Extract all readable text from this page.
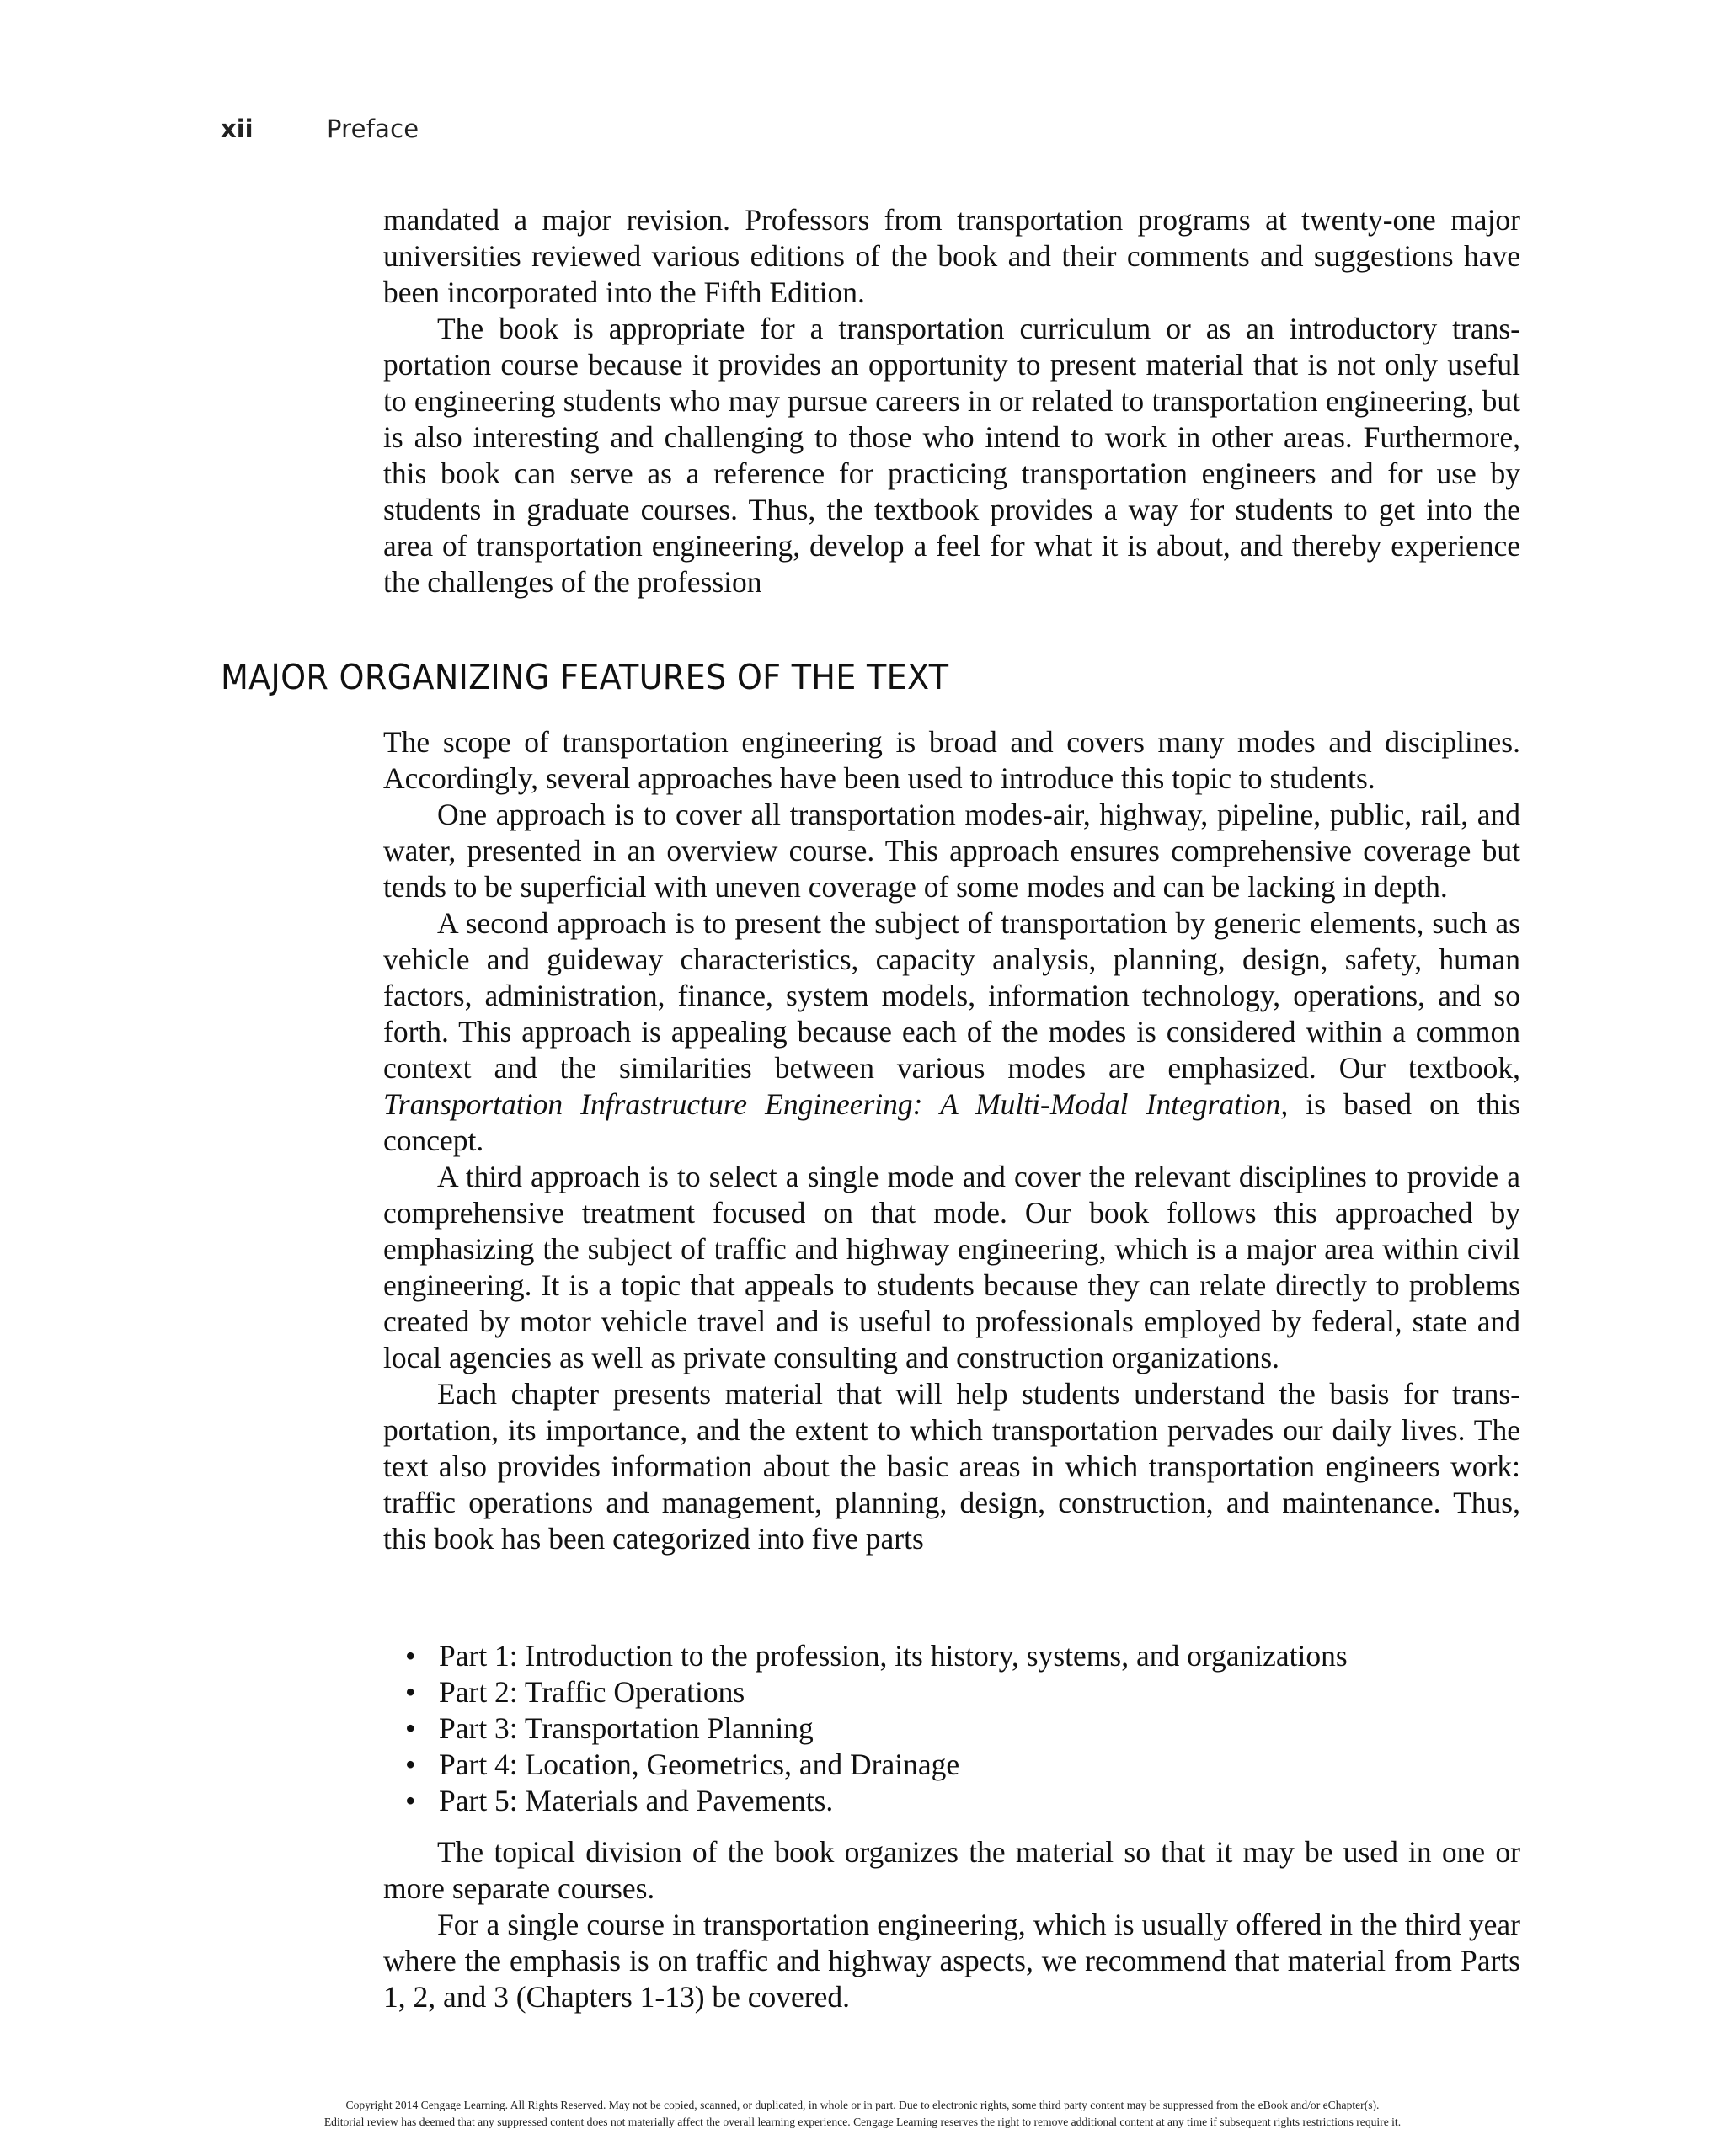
xii	Preface

mandated a major revision. Professors from transportation programs at twenty-one major universities reviewed various editions of the book and their comments and suggestions have been incorporated into the Fifth Edition.

The book is appropriate for a transportation curriculum or as an introductory transportation course because it provides an opportunity to present material that is not only useful to engineering students who may pursue careers in or related to transportation engineering, but is also interesting and challenging to those who intend to work in other areas. Furthermore, this book can serve as a reference for practicing transportation engineers and for use by students in graduate courses. Thus, the textbook provides a way for students to get into the area of transportation engineering, develop a feel for what it is about, and thereby experience the challenges of the profession

MAJOR ORGANIZING FEATURES OF THE TEXT

The scope of transportation engineering is broad and covers many modes and disciplines. Accordingly, several approaches have been used to introduce this topic to students.

One approach is to cover all transportation modes-air, highway, pipeline, public, rail, and water, presented in an overview course. This approach ensures comprehensive coverage but tends to be superficial with uneven coverage of some modes and can be lacking in depth.

A second approach is to present the subject of transportation by generic elements, such as vehicle and guideway characteristics, capacity analysis, planning, design, safety, human factors, administration, finance, system models, information technology, operations, and so forth. This approach is appealing because each of the modes is considered within a common context and the similarities between various modes are emphasized. Our textbook, Transportation Infrastructure Engineering: A Multi-Modal Integration, is based on this concept.

A third approach is to select a single mode and cover the relevant disciplines to provide a comprehensive treatment focused on that mode. Our book follows this approached by emphasizing the subject of traffic and highway engineering, which is a major area within civil engineering. It is a topic that appeals to students because they can relate directly to problems created by motor vehicle travel and is useful to professionals employed by federal, state and local agencies as well as private consulting and construction organizations.

Each chapter presents material that will help students understand the basis for transportation, its importance, and the extent to which transportation pervades our daily lives. The text also provides information about the basic areas in which transportation engineers work: traffic operations and management, planning, design, construction, and maintenance. Thus, this book has been categorized into five parts

• Part 1: Introduction to the profession, its history, systems, and organizations
• Part 2: Traffic Operations
• Part 3: Transportation Planning
• Part 4: Location, Geometrics, and Drainage
• Part 5: Materials and Pavements.

The topical division of the book organizes the material so that it may be used in one or more separate courses.

For a single course in transportation engineering, which is usually offered in the third year where the emphasis is on traffic and highway aspects, we recommend that material from Parts 1, 2, and 3 (Chapters 1-13) be covered.

Copyright 2014 Cengage Learning. All Rights Reserved. May not be copied, scanned, or duplicated, in whole or in part. Due to electronic rights, some third party content may be suppressed from the eBook and/or eChapter(s).
Editorial review has deemed that any suppressed content does not materially affect the overall learning experience. Cengage Learning reserves the right to remove additional content at any time if subsequent rights restrictions require it.
